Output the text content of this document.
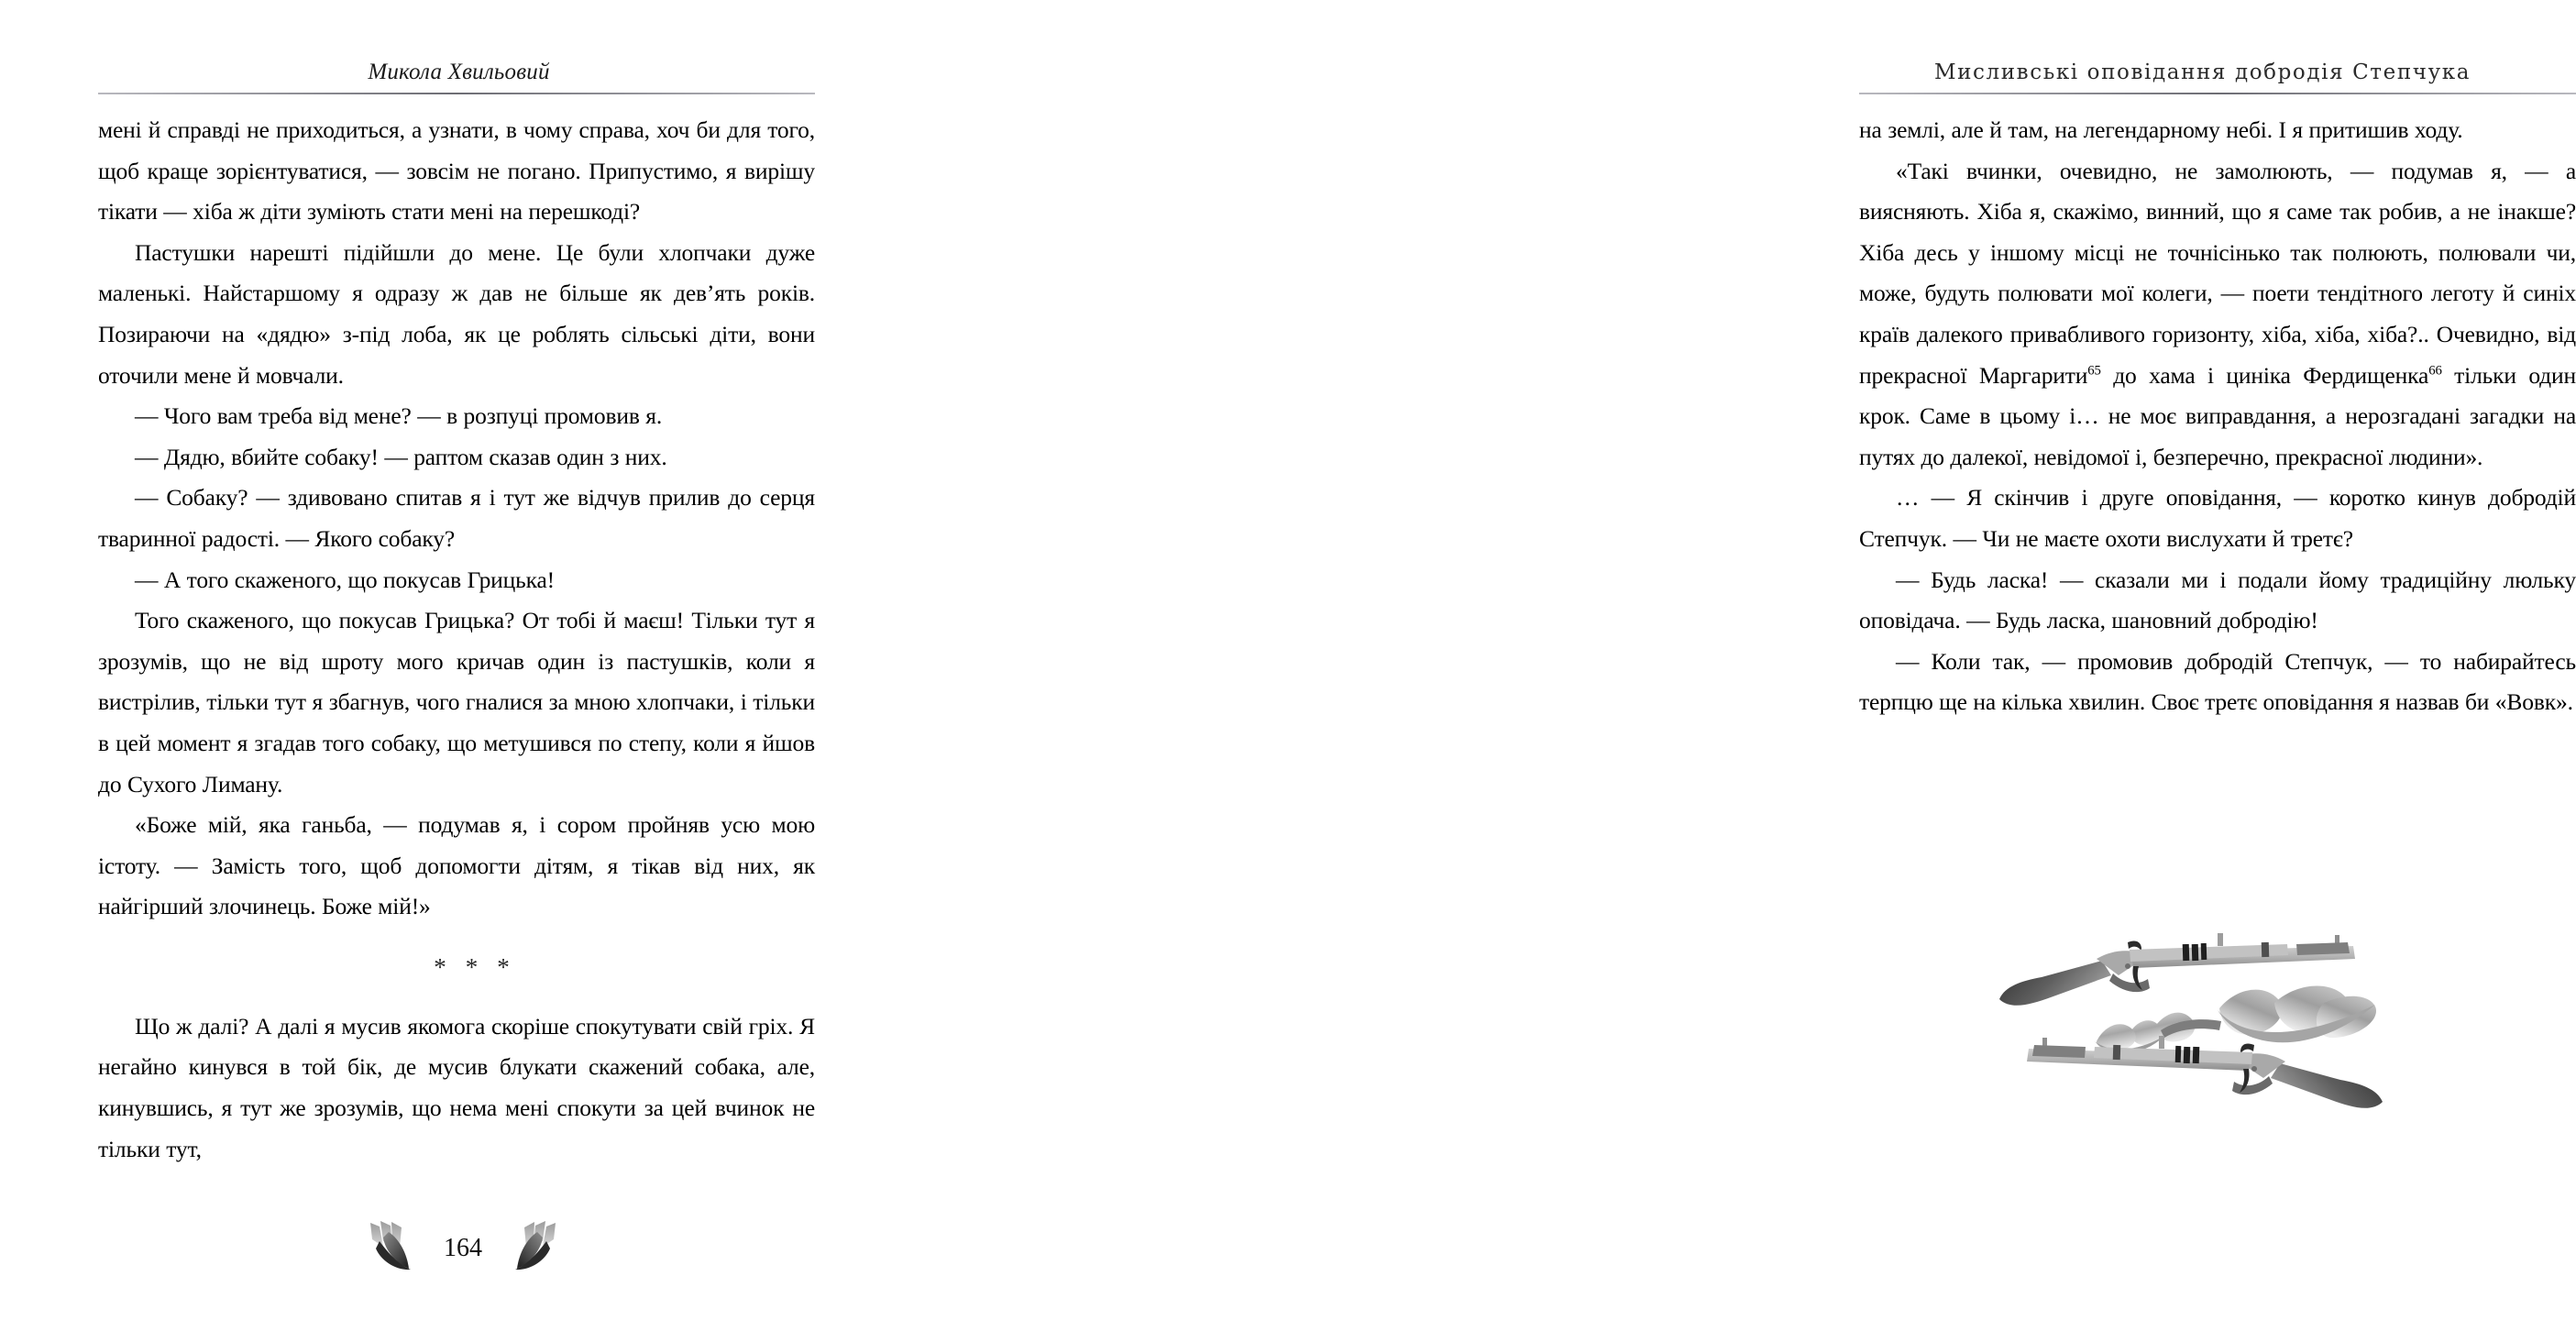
Микола Хвильовий

мені й справді не приходиться, а узнати, в чому справа, хоч би для того, щоб краще зорієнтуватися, — зовсім не погано. Припустимо, я вирішу тікати — хіба ж діти зуміють стати мені на перешкоді?

Пастушки нарешті підійшли до мене. Це були хлопчаки дуже маленькі. Найстаршому я одразу ж дав не більше як дев’ять років. Позираючи на «дядю» з-під лоба, як це роблять сільські діти, вони оточили мене й мовчали.

— Чого вам треба від мене? — в розпуці промовив я.

— Дядю, вбийте собаку! — раптом сказав один з них.

— Собаку? — здивовано спитав я і тут же відчув прилив до серця тваринної радості. — Якого собаку?

— А того скаженого, що покусав Грицька!

Того скаженого, що покусав Грицька? От тобі й маєш! Тільки тут я зрозумів, що не від шроту мого кричав один із пастушків, коли я вистрілив, тільки тут я збагнув, чого гналися за мною хлопчаки, і тільки в цей момент я згадав того собаку, що метушився по степу, коли я йшов до Сухого Лиману.

«Боже мій, яка ганьба, — подумав я, і сором пройняв усю мою істоту. — Замість того, щоб допомогти дітям, я тікав від них, як найгірший злочинець. Боже мій!»

* * *

Що ж далі? А далі я мусив якомога скоріше спокутувати свій гріх. Я негайно кинувся в той бік, де мусив блукати скажений собака, але, кинувшись, я тут же зрозумів, що нема мені спокути за цей вчинок не тільки тут,

164
Мисливські оповідання добродія Степчука

на землі, але й там, на легендарному небі. І я притишив ходу.

«Такі вчинки, очевидно, не замолюють, — подумав я, — а виясняють. Хіба я, скажімо, винний, що я саме так робив, а не інакше? Хіба десь у іншому місці не точнісінько так полюють, полювали чи, може, будуть полювати мої колеги, — поети тендітного леготу й синіх країв далекого привабливого горизонту, хіба, хіба, хіба?.. Очевидно, від прекрасної Маргарити$^{65}$ до хама і циніка Фердищенка$^{66}$ тільки один крок. Саме в цьому і… не моє виправдання, а нерозгадані загадки на путях до далекої, невідомої і, безперечно, прекрасної людини».

… — Я скінчив і друге оповідання, — коротко кинув добродій Степчук. — Чи не маєте охоти вислухати й третє?

— Будь ласка! — сказали ми і подали йому традиційну люльку оповідача. — Будь ласка, шановний добродію!

— Коли так, — промовив добродій Степчук, — то набирайтесь терпцю ще на кілька хвилин. Своє третє оповідання я назвав би «Вовк».
